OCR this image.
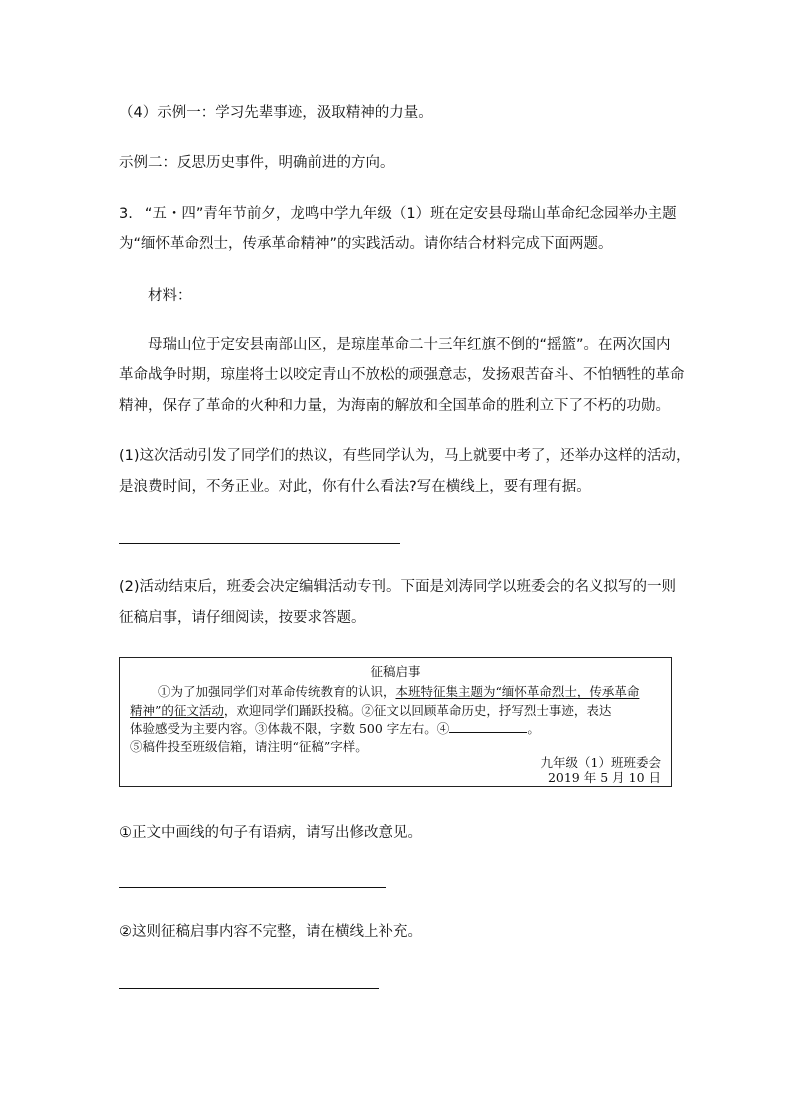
（4）示例一：学习先辈事迹，汲取精神的力量。
示例二：反思历史事件，明确前进的方向。
3. “五・四”青年节前夕，龙鸣中学九年级（1）班在定安县母瑞山革命纪念园举办主题
为“缅怀革命烈士，传承革命精神”的实践活动。请你结合材料完成下面两题。
材料：
母瑞山位于定安县南部山区，是琼崖革命二十三年红旗不倒的“摇篮”。在两次国内
革命战争时期，琼崖将士以咬定青山不放松的顽强意志，发扬艰苦奋斗、不怕牺牲的革命
精神，保存了革命的火种和力量，为海南的解放和全国革命的胜利立下了不朽的功勋。
(1)这次活动引发了同学们的热议，有些同学认为，马上就要中考了，还举办这样的活动，
是浪费时间，不务正业。对此，你有什么看法?写在横线上，要有理有据。
(2)活动结束后，班委会决定编辑活动专刊。下面是刘涛同学以班委会的名义拟写的一则
征稿启事，请仔细阅读，按要求答题。
征稿启事
①为了加强同学们对革命传统教育的认识，本班特征集主题为“缅怀革命烈士，传承革命
精神”的征文活动，欢迎同学们踊跃投稿。②征文以回顾革命历史，抒写烈士事迹，表达
体验感受为主要内容。③体裁不限，字数 500 字左右。④	。
⑤稿件投至班级信箱，请注明“征稿”字样。
九年级（1）班班委会
2019 年 5 月 10 日
①正文中画线的句子有语病，请写出修改意见。
②这则征稿启事内容不完整，请在横线上补充。
